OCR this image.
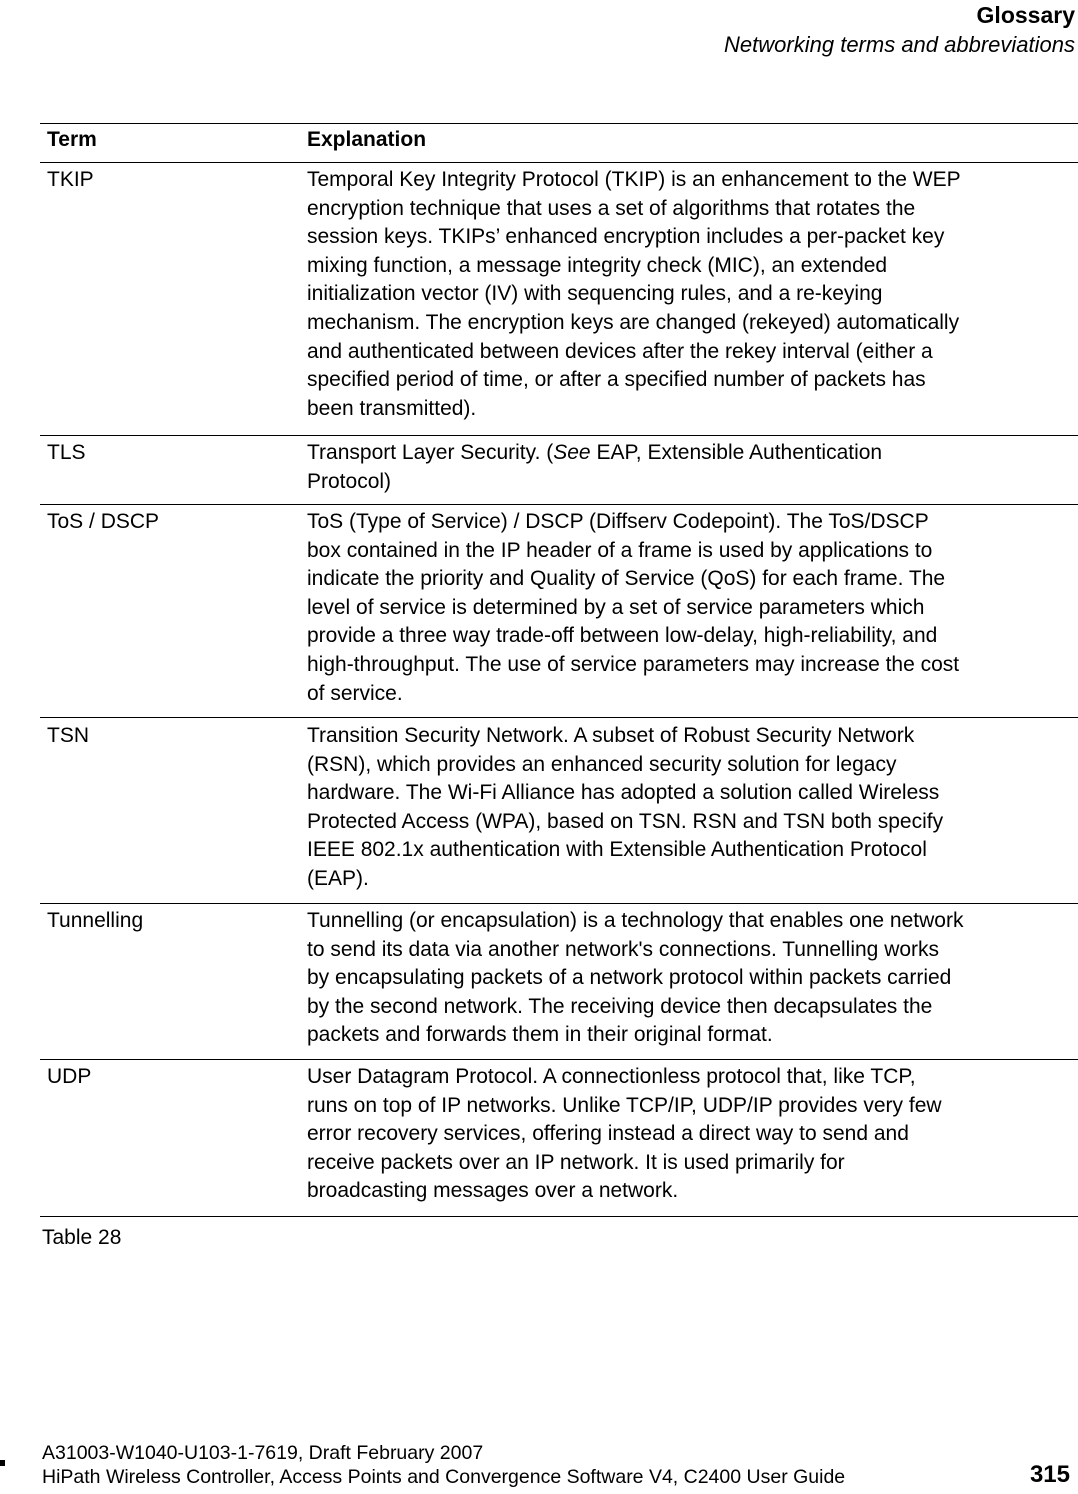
Glossary
Networking terms and abbreviations
Term	Explanation
TKIP	Temporal Key Integrity Protocol (TKIP) is an enhancement to the WEP
encryption technique that uses a set of algorithms that rotates the
session keys. TKIPs’ enhanced encryption includes a per-packet key
mixing function, a message integrity check (MIC), an extended
initialization vector (IV) with sequencing rules, and a re-keying
mechanism. The encryption keys are changed (rekeyed) automatically
and authenticated between devices after the rekey interval (either a
specified period of time, or after a specified number of packets has
been transmitted).
TLS	Transport Layer Security. (See EAP, Extensible Authentication
Protocol)
ToS / DSCP	ToS (Type of Service) / DSCP (Diffserv Codepoint). The ToS/DSCP
box contained in the IP header of a frame is used by applications to
indicate the priority and Quality of Service (QoS) for each frame. The
level of service is determined by a set of service parameters which
provide a three way trade-off between low-delay, high-reliability, and
high-throughput. The use of service parameters may increase the cost
of service.
TSN	Transition Security Network. A subset of Robust Security Network
(RSN), which provides an enhanced security solution for legacy
hardware. The Wi-Fi Alliance has adopted a solution called Wireless
Protected Access (WPA), based on TSN. RSN and TSN both specify
IEEE 802.1x authentication with Extensible Authentication Protocol
(EAP).
Tunnelling	Tunnelling (or encapsulation) is a technology that enables one network
to send its data via another network's connections. Tunnelling works
by encapsulating packets of a network protocol within packets carried
by the second network. The receiving device then decapsulates the
packets and forwards them in their original format.
UDP	User Datagram Protocol. A connectionless protocol that, like TCP,
runs on top of IP networks. Unlike TCP/IP, UDP/IP provides very few
error recovery services, offering instead a direct way to send and
receive packets over an IP network. It is used primarily for
broadcasting messages over a network.
Table 28
A31003-W1040-U103-1-7619, Draft February 2007
HiPath Wireless Controller, Access Points and Convergence Software V4, C2400 User Guide	315
